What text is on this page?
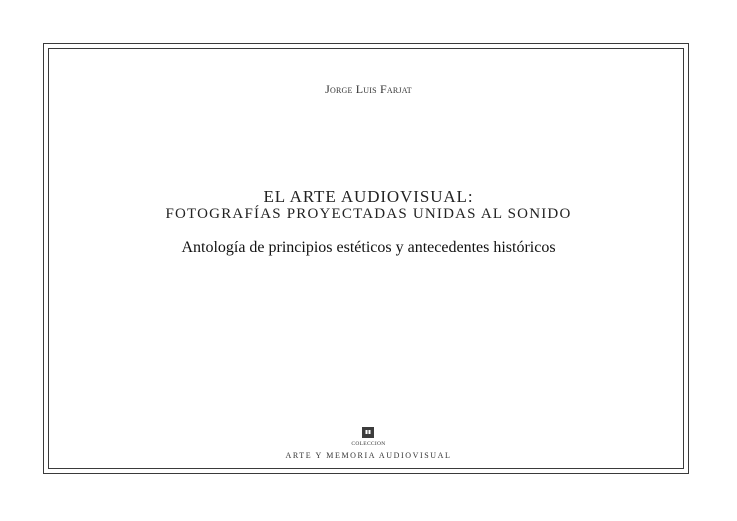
Jorge Luis Farjat
EL ARTE AUDIOVISUAL:
FOTOGRAFÍAS PROYECTADAS UNIDAS AL SONIDO
Antología de principios estéticos y antecedentes históricos
COLECCION
ARTE Y MEMORIA AUDIOVISUAL
